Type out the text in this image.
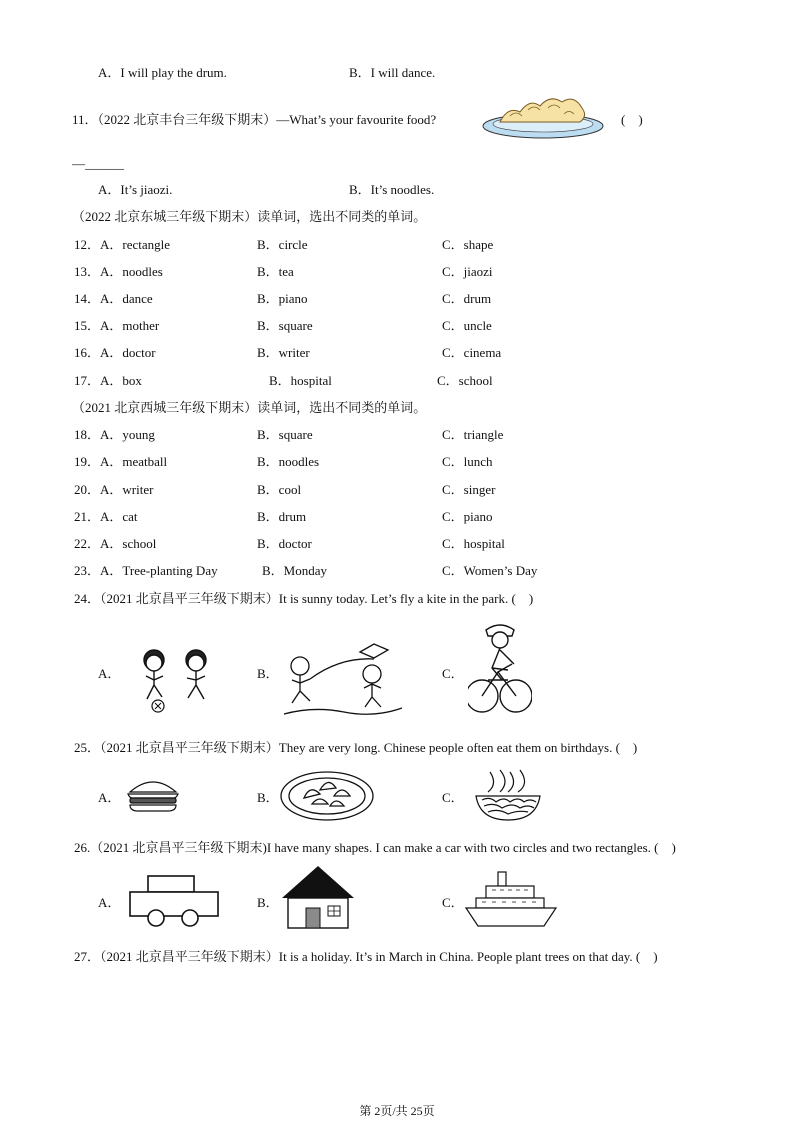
A．I will play the drum.	B．I will dance.
11．（2022 北京丰台三年级下期末）—What’s your favourite food?	(　)
—______
A．It’s jiaozi.	B．It’s noodles.
（2022 北京东城三年级下期末）读单词，选出不同类的单词。
12．A．rectangle	B．circle	C．shape
13．A．noodles	B．tea	C．jiaozi
14．A．dance	B．piano	C．drum
15．A．mother	B．square	C．uncle
16．A．doctor	B．writer	C．cinema
17．A．box	B．hospital	C．school
（2021 北京西城三年级下期末）读单词，选出不同类的单词。
18．A．young	B．square	C．triangle
19．A．meatball	B．noodles	C．lunch
20．A．writer	B．cool	C．singer
21．A．cat	B．drum	C．piano
22．A．school	B．doctor	C．hospital
23．A．Tree-planting Day	B．Monday	C．Women’s Day
24．（2021 北京昌平三年级下期末）It is sunny today. Let’s fly a kite in the park. (　)
A．	B．	C．
25．（2021 北京昌平三年级下期末）They are very long. Chinese people often eat them on birthdays. (　)
A．	B．	C．
26.（2021 北京昌平三年级下期末)I have many shapes. I can make a car with two circles and two rectangles. (　)
A．	B．	C．
27．（2021 北京昌平三年级下期末）It is a holiday. It’s in March in China. People plant trees on that day. (　)
第 2页/共 25页
